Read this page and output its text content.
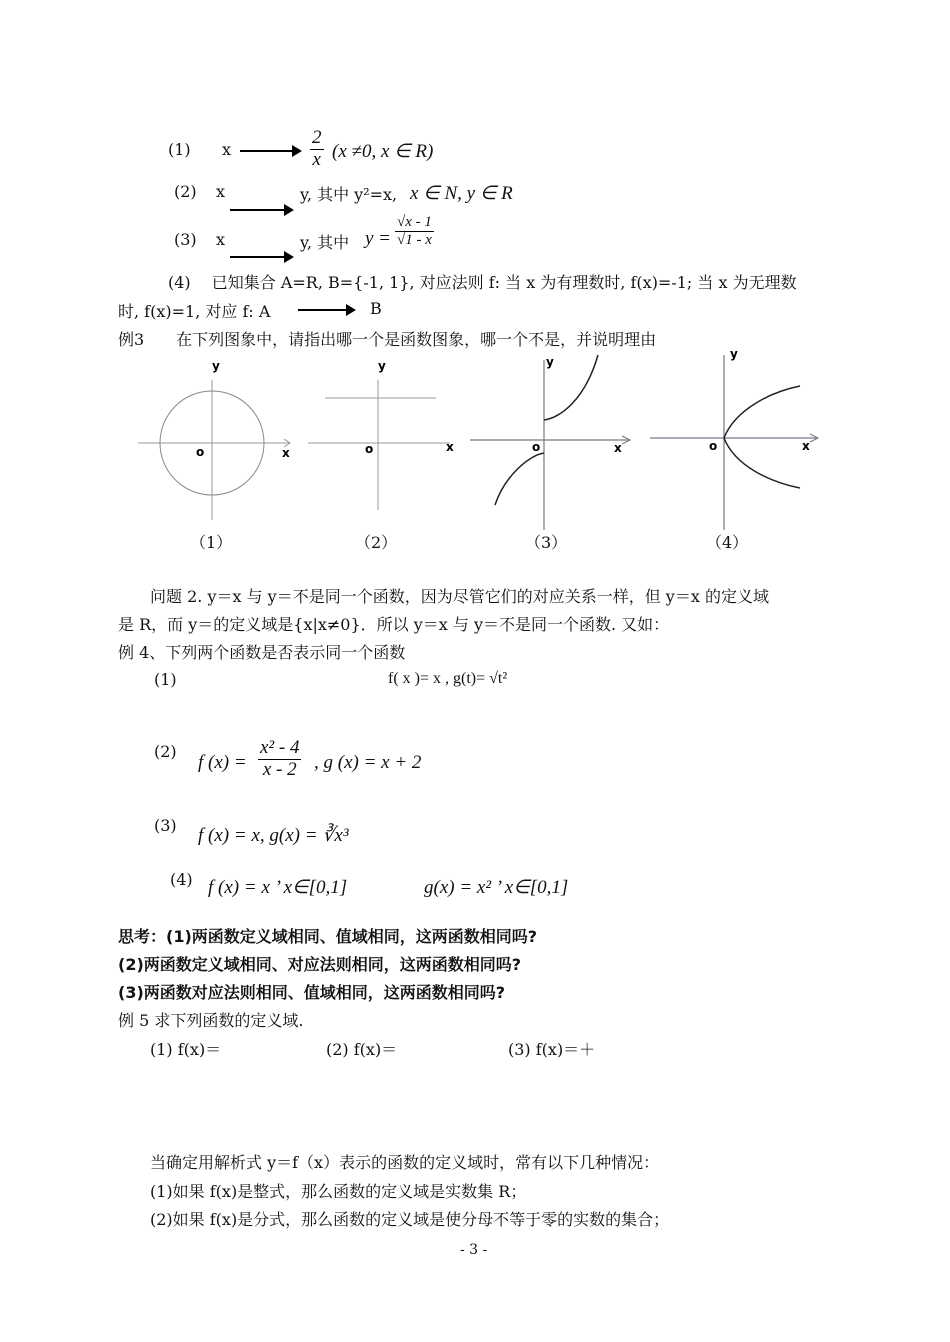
(1) x	$\frac{2}{x} (x \ne 0$, x ∈ R)
(2) x	y, 其中 y²=x, x ∈ N, y ∈ R
(3) x	y, 其中 $y = \frac{√x - 1}{√1 - x}$
(4)　 已知集合 A=R, B={-1, 1}, 对应法则 f: 当 x 为有理数时, f(x)=-1; 当 x 为无理数
时, f(x)=1, 对应 f: A	B
例3　　在下列图象中，请指出哪一个是函数图象，哪一个不是，并说明理由
y
x
o
y
x
o
y
x
o
y
x
o
（1）	（2）	（3）	（4）
问题 2. y＝x 与 y＝不是同一个函数，因为尽管它们的对应关系一样，但 y＝x 的定义域
是 R，而 y＝的定义域是{x|x≠0}．所以 y＝x 与 y＝不是同一个函数. 又如：
例 4、下列两个函数是否表示同一个函数
(1)	f( x )= x , g(t)= √t²
(2)
f $(x) = \frac{\text{x² - 4}}{x - 2}$ , g (x) = x + 2
(3) f (x) = x, g(x) = ∛x³
(4) f (x) = x ’ x∈[0,1]	g(x) = x² ’ x∈[0,1]
思考：(1)两函数定义域相同、值域相同，这两函数相同吗?
(2)两函数定义域相同、对应法则相同，这两函数相同吗?
(3)两函数对应法则相同、值域相同，这两函数相同吗?
例 5 求下列函数的定义域.
(1) f(x)＝	(2) f(x)＝	(3) f(x)＝＋
当确定用解析式 y＝f（x）表示的函数的定义域时，常有以下几种情况：
(1)如果 f(x)是整式，那么函数的定义域是实数集 R；
(2)如果 f(x)是分式，那么函数的定义域是使分母不等于零的实数的集合；
- 3 -
